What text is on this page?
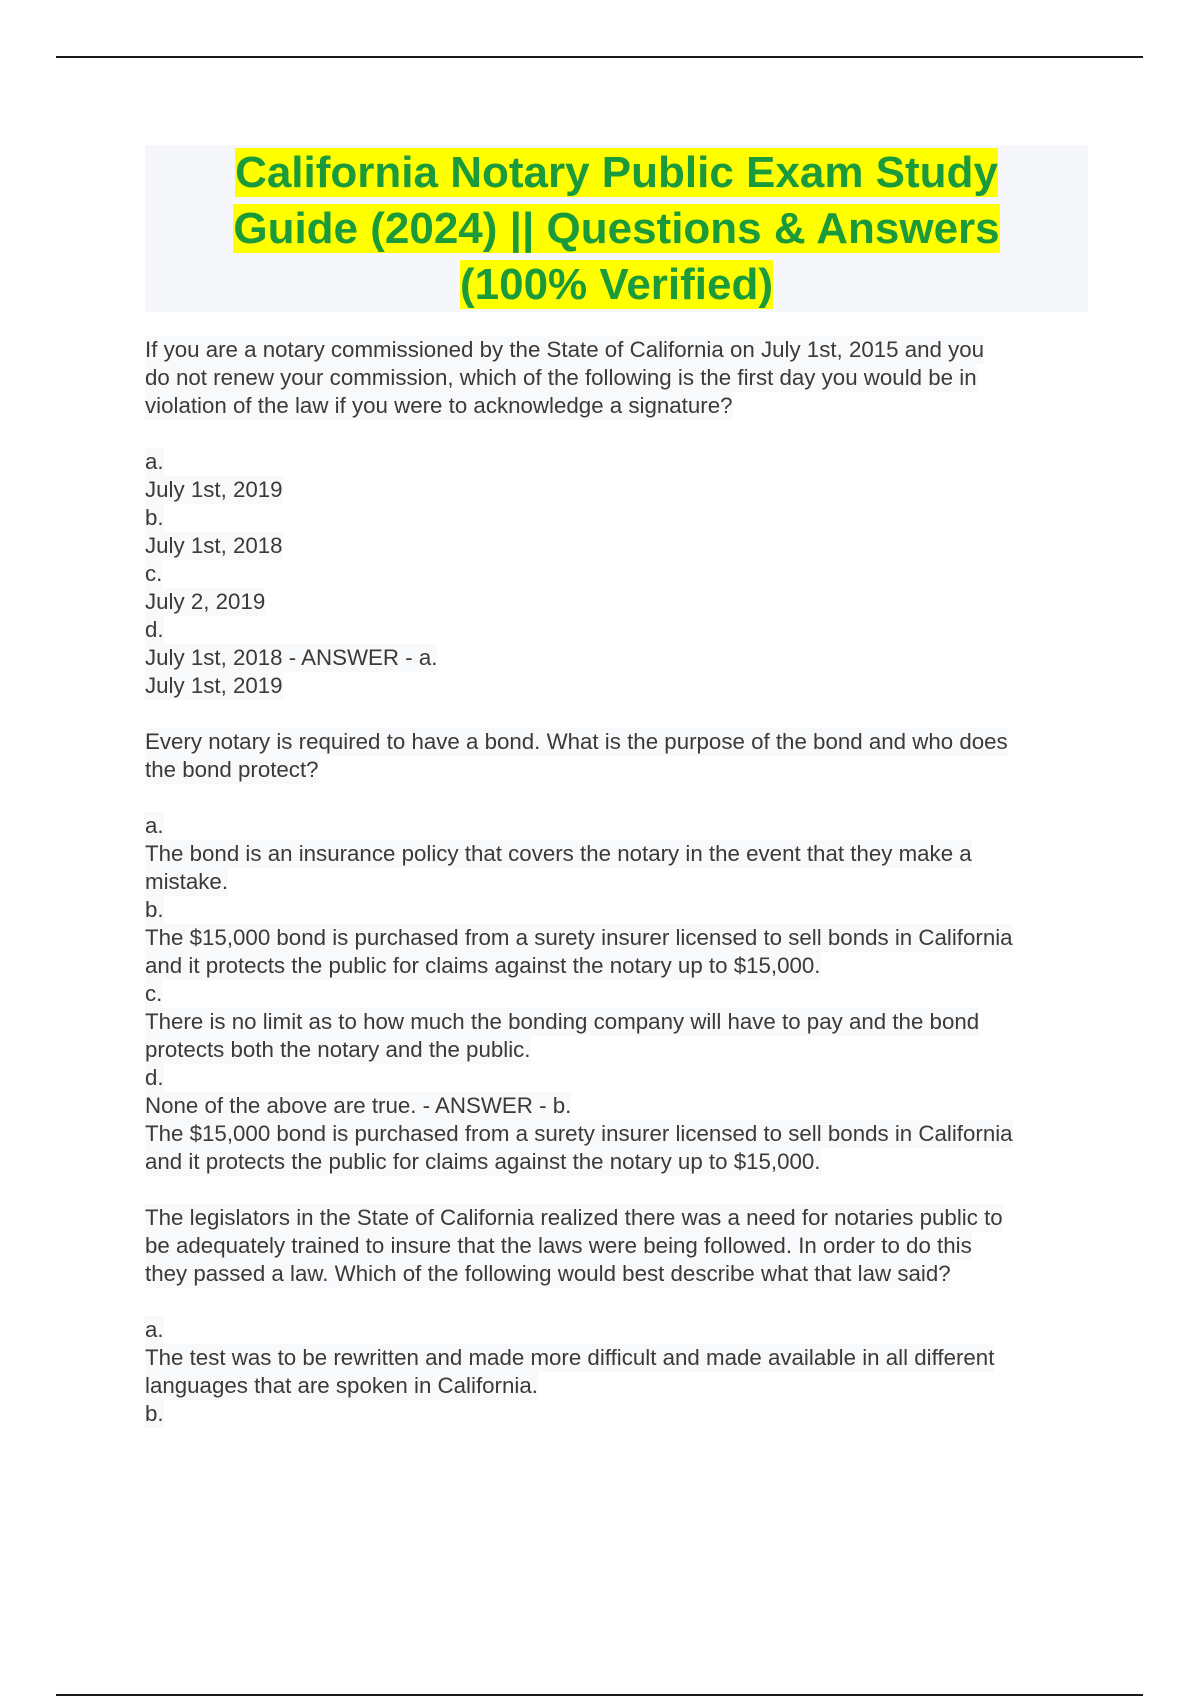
California Notary Public Exam Study Guide (2024) || Questions & Answers (100% Verified)
If you are a notary commissioned by the State of California on July 1st, 2015 and you
do not renew your commission, which of the following is the first day you would be in
violation of the law if you were to acknowledge a signature?
a.
July 1st, 2019
b.
July 1st, 2018
c.
July 2, 2019
d.
July 1st, 2018 - ANSWER - a.
July 1st, 2019
Every notary is required to have a bond. What is the purpose of the bond and who does
the bond protect?
a.
The bond is an insurance policy that covers the notary in the event that they make a
mistake.
b.
The $15,000 bond is purchased from a surety insurer licensed to sell bonds in California
and it protects the public for claims against the notary up to $15,000.
c.
There is no limit as to how much the bonding company will have to pay and the bond
protects both the notary and the public.
d.
None of the above are true. - ANSWER - b.
The $15,000 bond is purchased from a surety insurer licensed to sell bonds in California
and it protects the public for claims against the notary up to $15,000.
The legislators in the State of California realized there was a need for notaries public to
be adequately trained to insure that the laws were being followed. In order to do this
they passed a law. Which of the following would best describe what that law said?
a.
The test was to be rewritten and made more difficult and made available in all different
languages that are spoken in California.
b.
